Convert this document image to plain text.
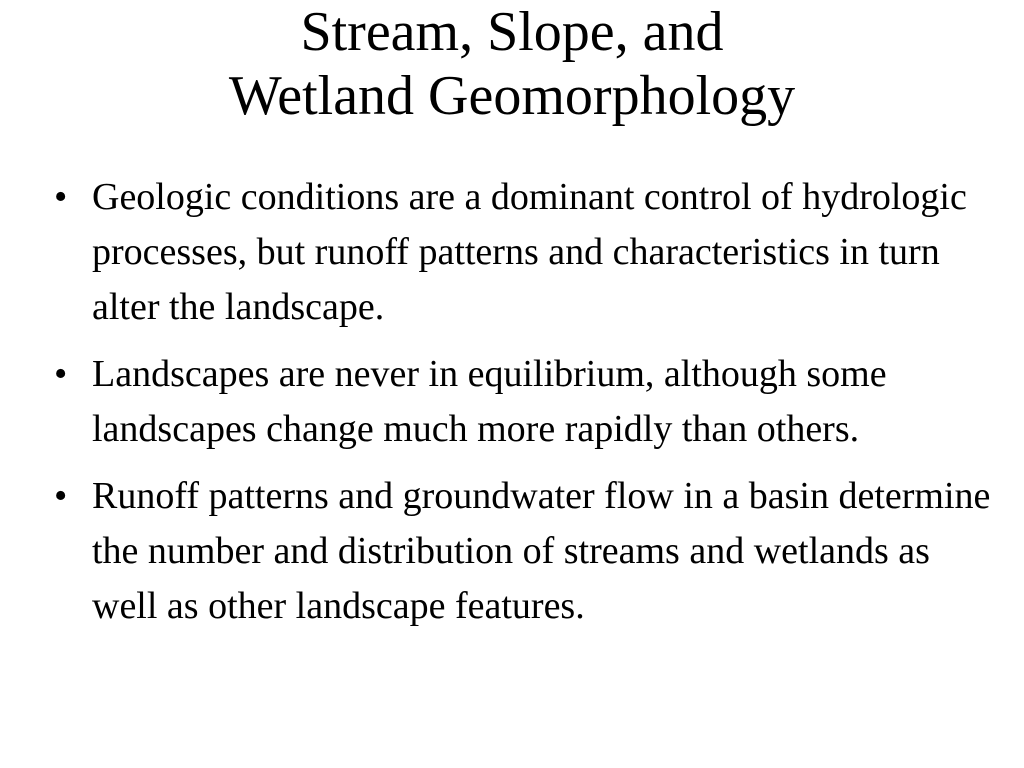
Stream, Slope, and
Wetland Geomorphology
• Geologic conditions are a dominant control of hydrologic processes, but runoff patterns and characteristics in turn alter the landscape.
• Landscapes are never in equilibrium, although some landscapes change much more rapidly than others.
• Runoff patterns and groundwater flow in a basin determine the number and distribution of streams and wetlands as well as other landscape features.
